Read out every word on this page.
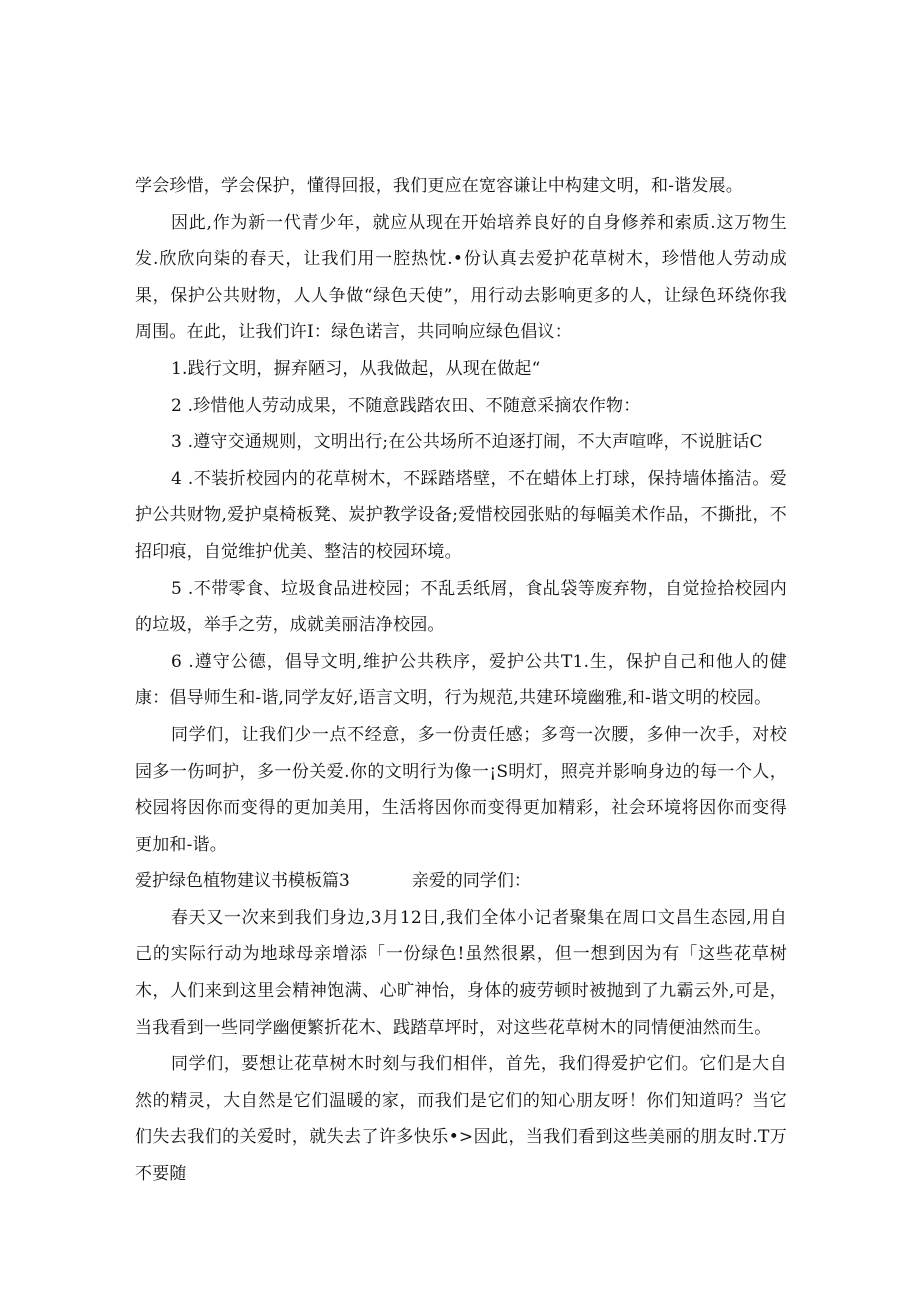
学会珍惜，学会保护，懂得回报，我们更应在宽容谦让中构建文明，和-谐发展。

因此,作为新一代青少年，就应从现在开始培养良好的自身修养和索质.这万物生发.欣欣向柒的春天，让我们用一腔热忱.•份认真去爱护花草树木，珍惜他人劳动成果，保护公共财物，人人争做“绿色天使”，用行动去影响更多的人，让绿色环绕你我周围。在此，让我们许I：绿色诺言，共同响应绿色倡议：

1.践行文明，摒弃陋习，从我做起，从现在做起“

2 .珍惜他人劳动成果，不随意践踏农田、不随意采摘农作物：

3 .遵守交通规则，文明出行;在公共场所不迫逐打闹，不大声喧哗，不说脏话C

4 .不装折校园内的花草树木，不踩踏塔壁，不在蜡体上打球，保持墙体搐洁。爱护公共财物,爱护桌椅板凳、炭护教学设备;爱惜校园张贴的每幅美术作品，不撕批，不招印痕，自觉维护优美、整洁的校园环境。

5 .不带零食、垃圾食品进校园；不乱丢纸屑，食乩袋等废弃物，自觉捡拾校园内的垃圾，举手之劳，成就美丽洁净校园。

6 .遵守公德，倡导文明,维护公共秩序，爱护公共T1.生，保护自己和他人的健康：倡导师生和-谐,同学友好,语言文明，行为规范,共建环境幽雅,和-谐文明的校园。

同学们，让我们少一点不经意，多一份责任感；多弯一次腰，多伸一次手，对校园多一伤呵护，多一份关爱.你的文明行为像一¡S明灯，照亮并影响身边的每一个人，校园将因你而变得的更加美用，生活将因你而变得更加精彩，社会环境将因你而变得更加和-谐。

爱护绿色植物建议书模板篇3	亲爱的同学们：

春天又一次来到我们身边,3月12日,我们全体小记者聚集在周口文昌生态园,用自己的实际行动为地球母亲增添「一份绿色!虽然很累，但一想到因为有「这些花草树木，人们来到这里会精神饱满、心旷神怡，身体的疲劳顿时被抛到了九霸云外,可是，当我看到一些同学幽便繁折花木、践踏草坪时，对这些花草树木的同情便油然而生。

同学们，要想让花草树木时刻与我们相伴，首先，我们得爱护它们。它们是大自然的精灵，大自然是它们温暖的家，而我们是它们的知心朋友呀！你们知道吗？当它们失去我们的关爱时，就失去了许多快乐•>因此，当我们看到这些美丽的朋友时.T万不要随
